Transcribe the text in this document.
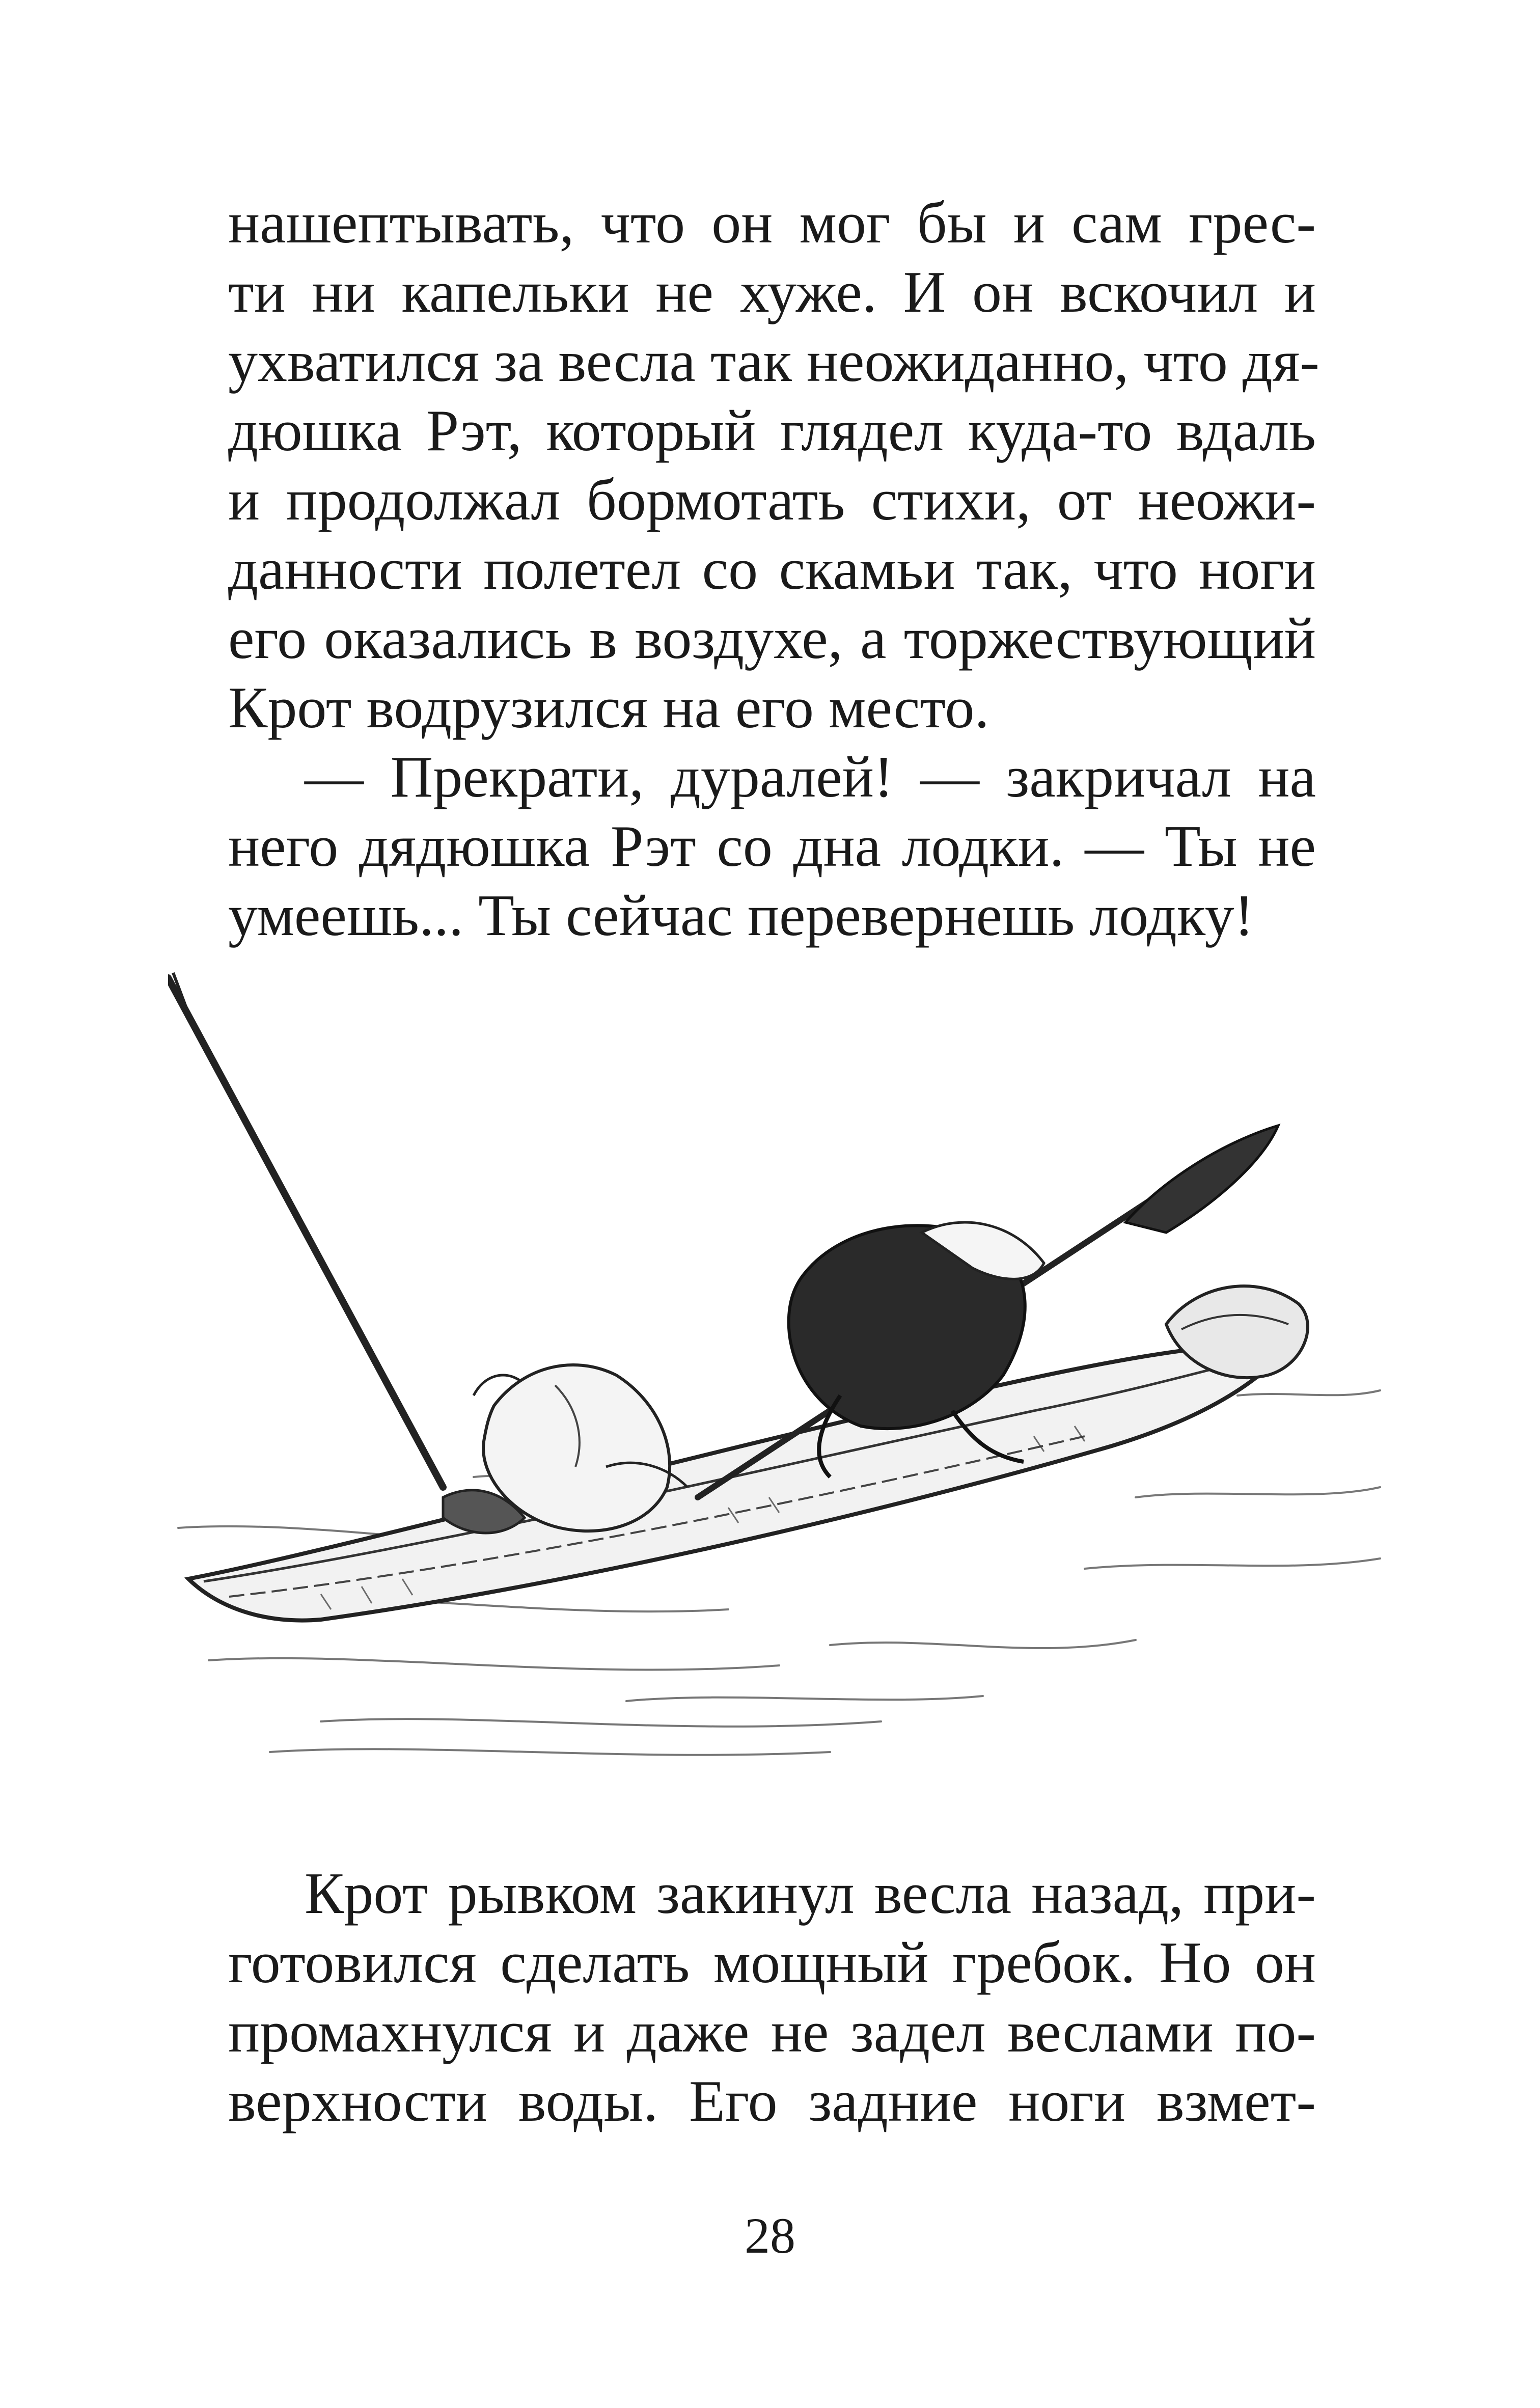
нашептывать, что он мог бы и сам грес-
ти ни капельки не хуже. И он вскочил и
ухватился за весла так неожиданно, что дя-
дюшка Рэт, который глядел куда-то вдаль
и продолжал бормотать стихи, от неожи-
данности полетел со скамьи так, что ноги
его оказались в воздухе, а торжествующий
Крот водрузился на его место.
— Прекрати, дуралей! — закричал на
него дядюшка Рэт со дна лодки. — Ты не
умеешь... Ты сейчас перевернешь лодку!
Крот рывком закинул весла назад, при-
готовился сделать мощный гребок. Но он
промахнулся и даже не задел веслами по-
верхности воды. Его задние ноги взмет-
28
